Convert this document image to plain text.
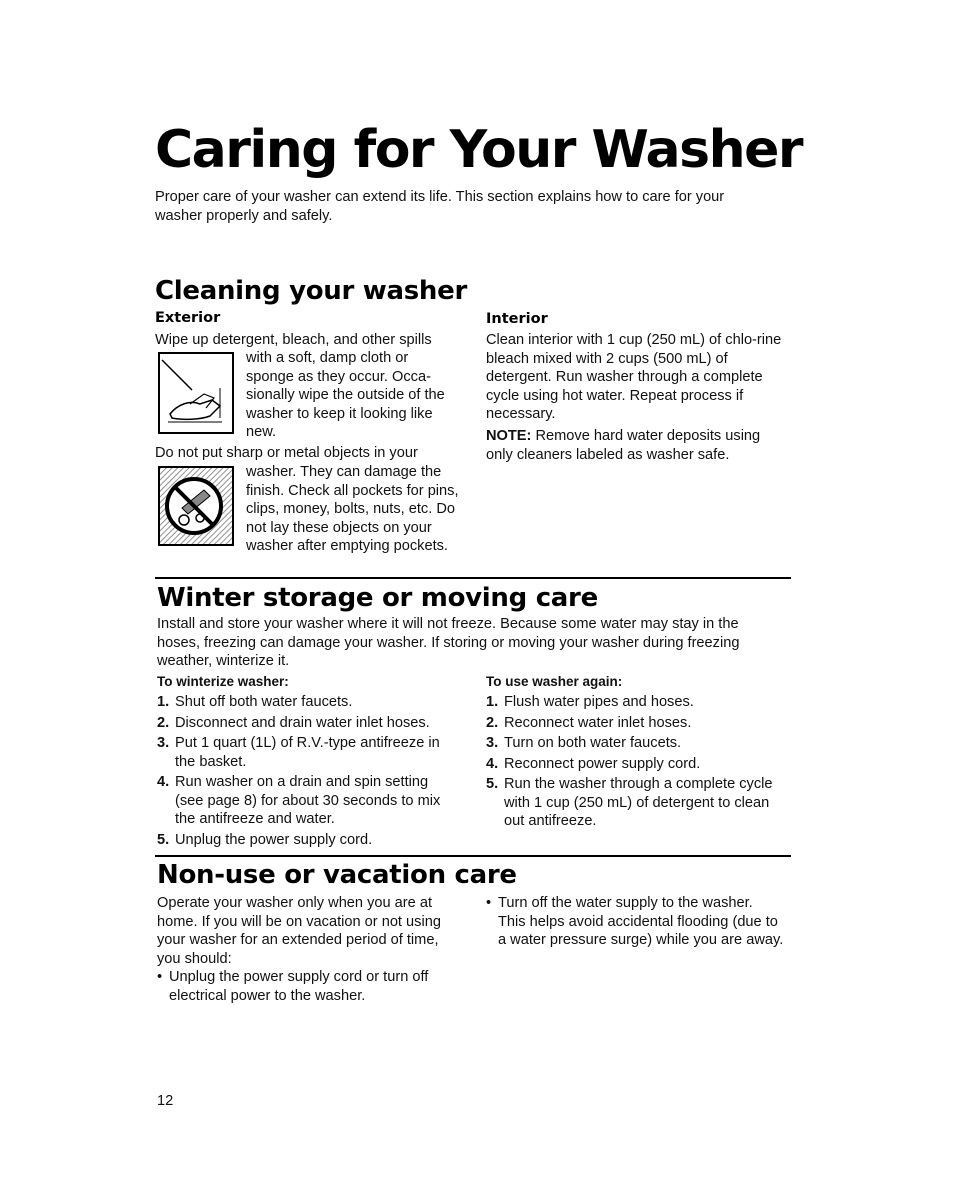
Caring for Your Washer
Proper care of your washer can extend its life. This section explains how to care for your washer properly and safely.
Cleaning your washer
Exterior
Wipe up detergent, bleach, and other spills
with a soft, damp cloth or sponge as they occur. Occa-sionally wipe the outside of the washer to keep it looking like new.
Do not put sharp or metal objects in your
washer. They can damage the finish. Check all pockets for pins, clips, money, bolts, nuts, etc. Do not lay these objects on your washer after emptying pockets.
Interior
Clean interior with 1 cup (250 mL) of chlo-rine bleach mixed with 2 cups (500 mL) of detergent. Run washer through a complete cycle using hot water. Repeat process if necessary.
NOTE: Remove hard water deposits using only cleaners labeled as washer safe.
Winter storage or moving care
Install and store your washer where it will not freeze. Because some water may stay in the hoses, freezing can damage your washer. If storing or moving your washer during freezing weather, winterize it.
To winterize washer:
1. Shut off both water faucets.
2. Disconnect and drain water inlet hoses.
3. Put 1 quart (1L) of R.V.-type antifreeze in the basket.
4. Run washer on a drain and spin setting (see page 8) for about 30 seconds to mix the antifreeze and water.
5. Unplug the power supply cord.
To use washer again:
1. Flush water pipes and hoses.
2. Reconnect water inlet hoses.
3. Turn on both water faucets.
4. Reconnect power supply cord.
5. Run the washer through a complete cycle with 1 cup (250 mL) of detergent to clean out antifreeze.
Non-use or vacation care
Operate your washer only when you are at home. If you will be on vacation or not using your washer for an extended period of time, you should:
• Unplug the power supply cord or turn off electrical power to the washer.
• Turn off the water supply to the washer. This helps avoid accidental flooding (due to a water pressure surge) while you are away.
12
